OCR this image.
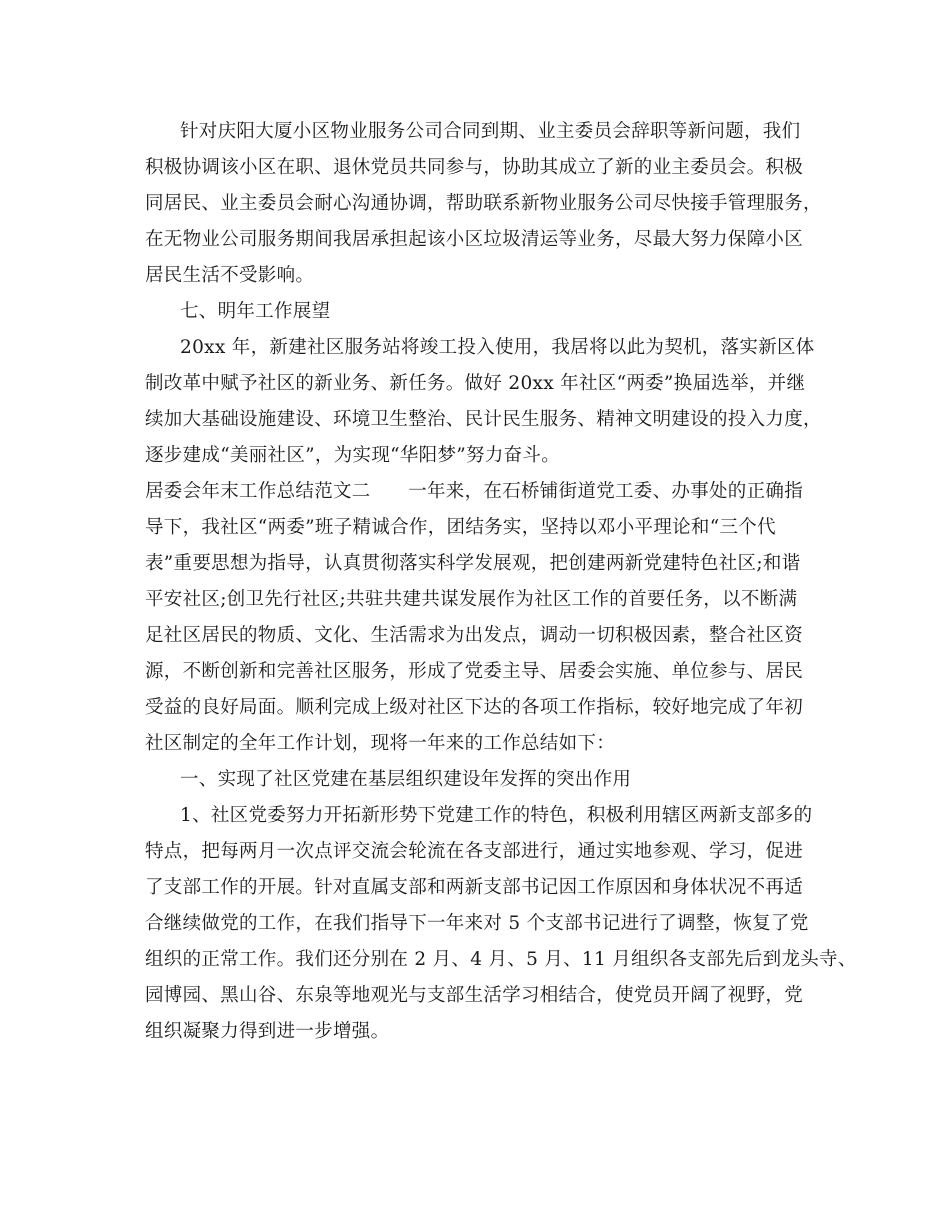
针对庆阳大厦小区物业服务公司合同到期、业主委员会辞职等新问题，我们
积极协调该小区在职、退休党员共同参与，协助其成立了新的业主委员会。积极
同居民、业主委员会耐心沟通协调，帮助联系新物业服务公司尽快接手管理服务，
在无物业公司服务期间我居承担起该小区垃圾清运等业务，尽最大努力保障小区
居民生活不受影响。
七、明年工作展望
20xx 年，新建社区服务站将竣工投入使用，我居将以此为契机，落实新区体
制改革中赋予社区的新业务、新任务。做好 20xx 年社区“两委”换届选举，并继
续加大基础设施建设、环境卫生整治、民计民生服务、精神文明建设的投入力度，
逐步建成“美丽社区”，为实现“华阳梦”努力奋斗。
居委会年末工作总结范文二　　一年来，在石桥铺街道党工委、办事处的正确指
导下，我社区“两委”班子精诚合作，团结务实，坚持以邓小平理论和“三个代
表”重要思想为指导，认真贯彻落实科学发展观，把创建两新党建特色社区;和谐
平安社区;创卫先行社区;共驻共建共谋发展作为社区工作的首要任务，以不断满
足社区居民的物质、文化、生活需求为出发点，调动一切积极因素，整合社区资
源，不断创新和完善社区服务，形成了党委主导、居委会实施、单位参与、居民
受益的良好局面。顺利完成上级对社区下达的各项工作指标，较好地完成了年初
社区制定的全年工作计划，现将一年来的工作总结如下：
一、实现了社区党建在基层组织建设年发挥的突出作用
1、社区党委努力开拓新形势下党建工作的特色，积极利用辖区两新支部多的
特点，把每两月一次点评交流会轮流在各支部进行，通过实地参观、学习，促进
了支部工作的开展。针对直属支部和两新支部书记因工作原因和身体状况不再适
合继续做党的工作，在我们指导下一年来对 5 个支部书记进行了调整，恢复了党
组织的正常工作。我们还分别在 2 月、4 月、5 月、11 月组织各支部先后到龙头寺、
园博园、黑山谷、东泉等地观光与支部生活学习相结合，使党员开阔了视野，党
组织凝聚力得到进一步增强。
